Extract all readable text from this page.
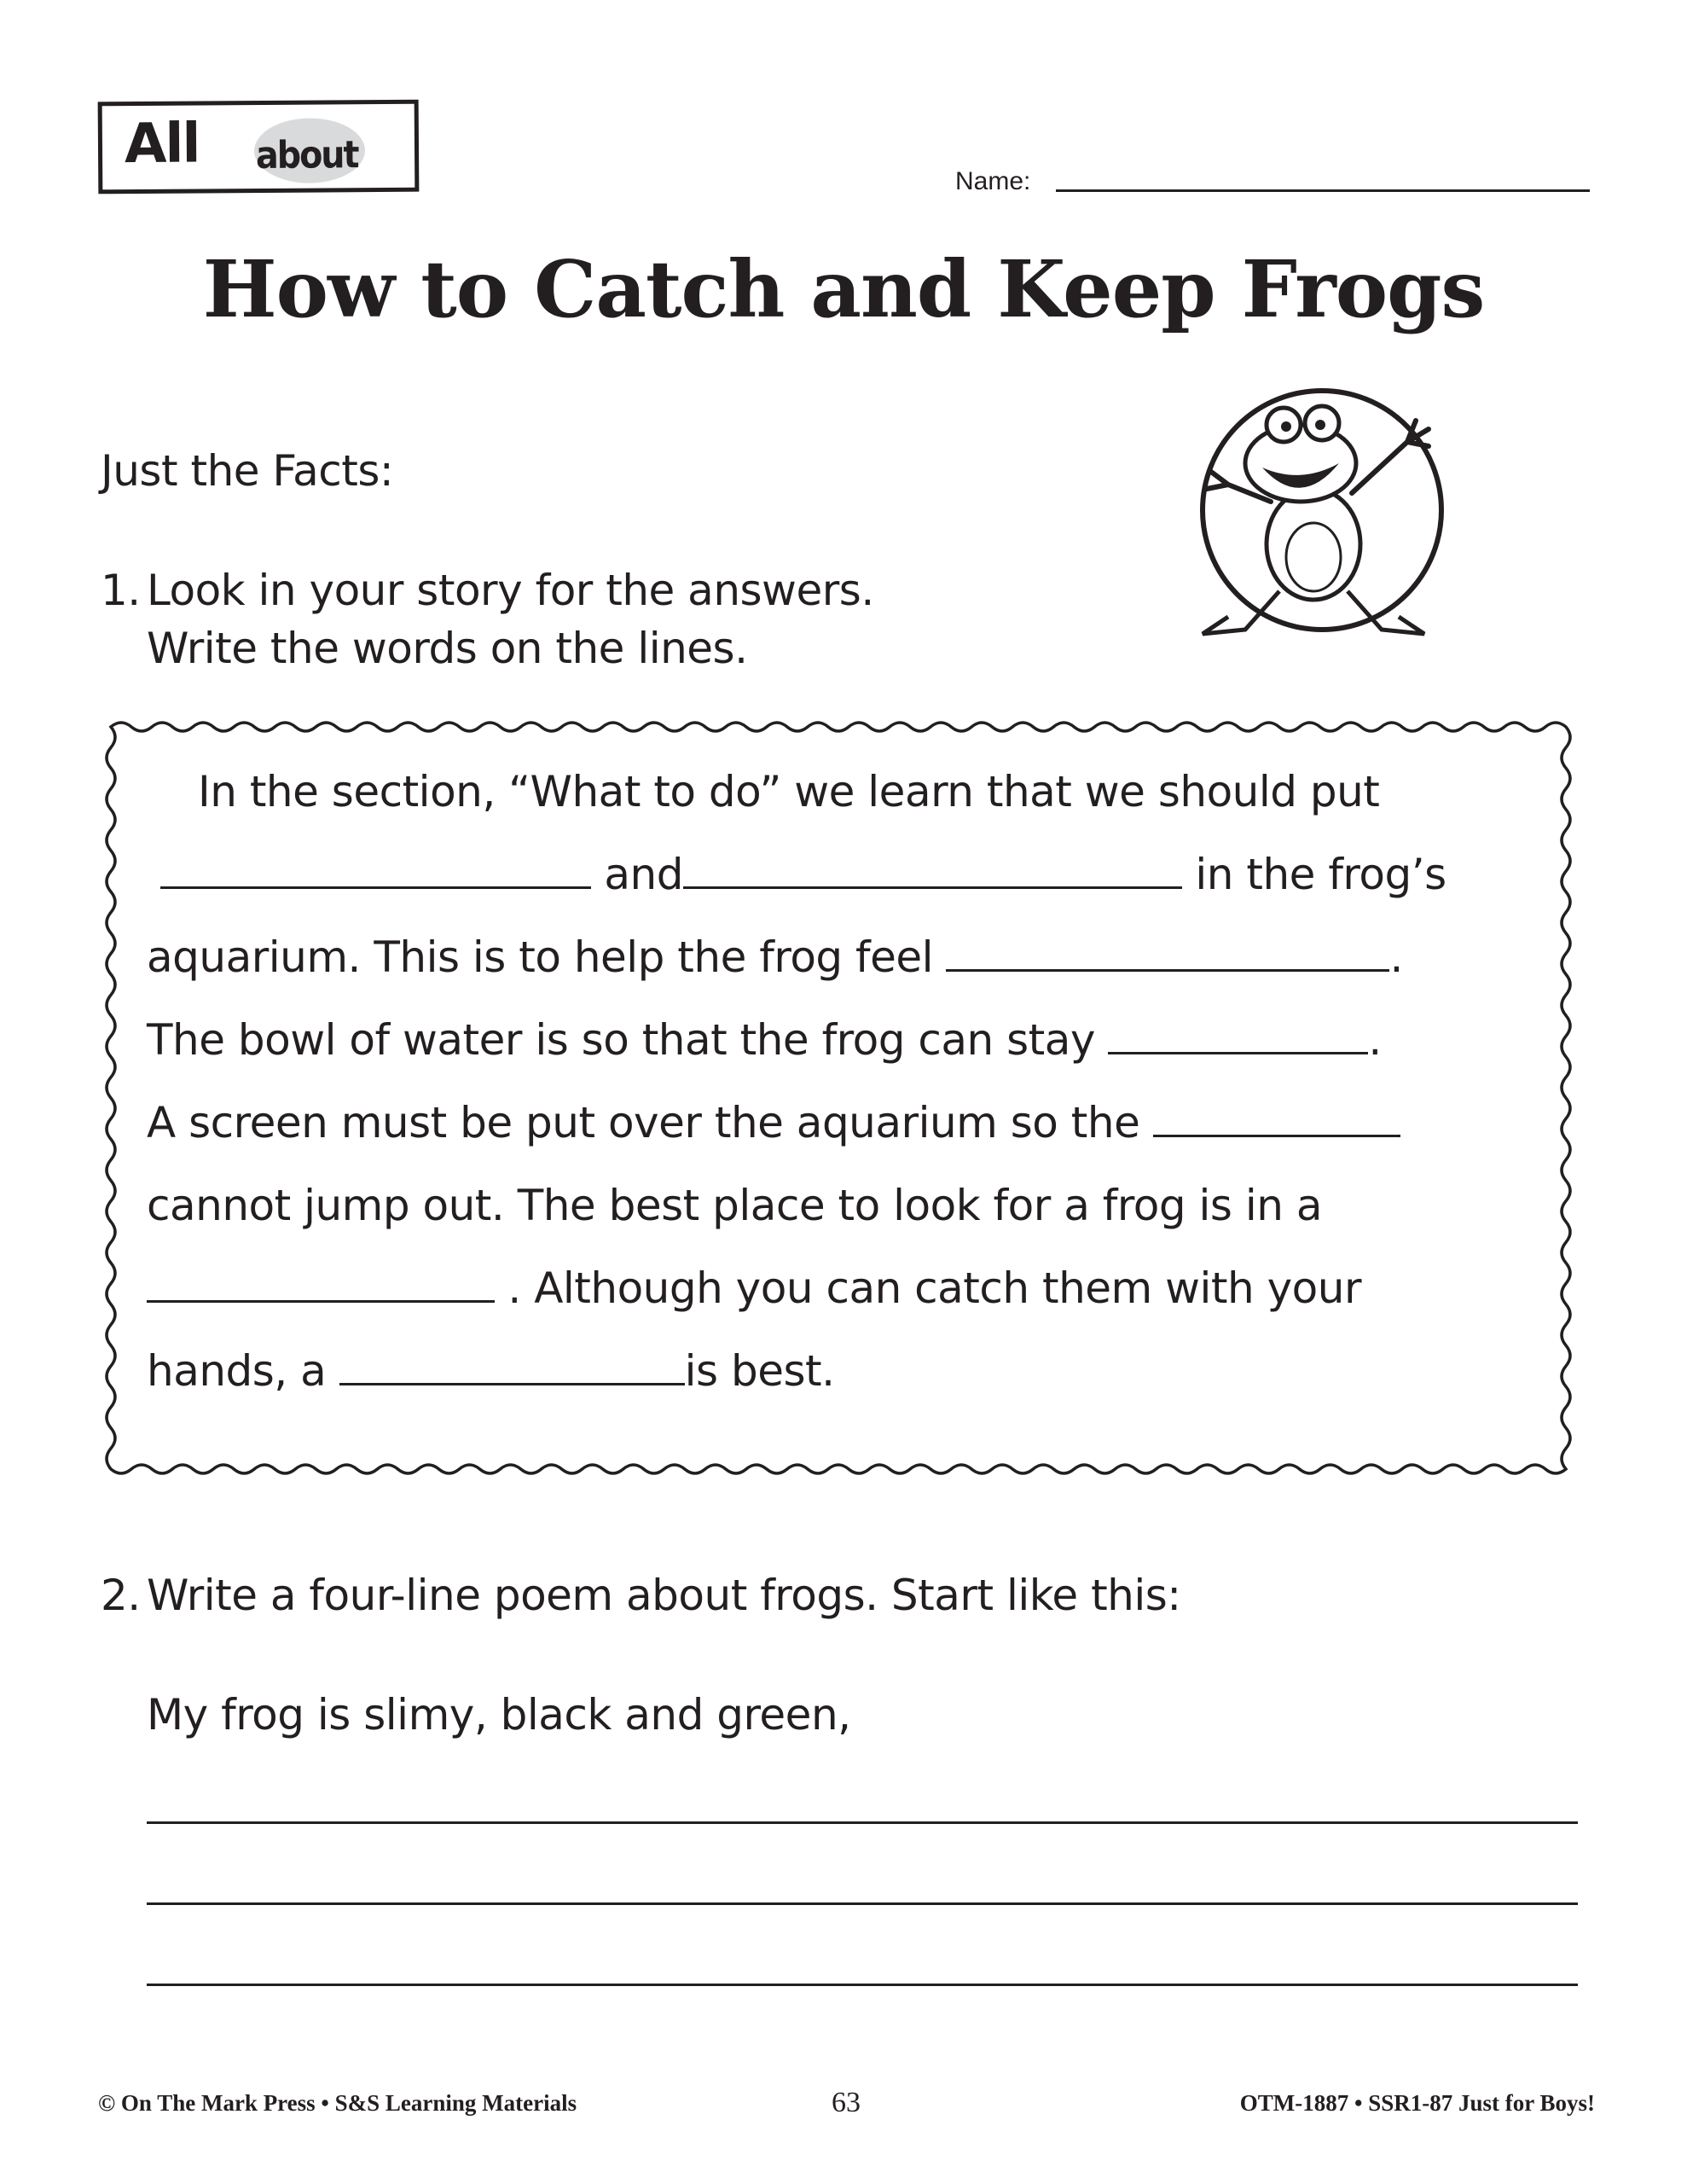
All about
Name:
How to Catch and Keep Frogs
Just the Facts:
1. Look in your story for the answers.
Write the words on the lines.
In the section, “What to do” we learn that we should put
and	in the frog’s
aquarium. This is to help the frog feel	.
The bowl of water is so that the frog can stay	.
A screen must be put over the aquarium so the
cannot jump out. The best place to look for a frog is in a
. Although you can catch them with your
hands, a	is best.
2. Write a four-line poem about frogs. Start like this:
My frog is slimy, black and green,
© On The Mark Press • S&S Learning Materials	63	OTM-1887 • SSR1-87 Just for Boys!
